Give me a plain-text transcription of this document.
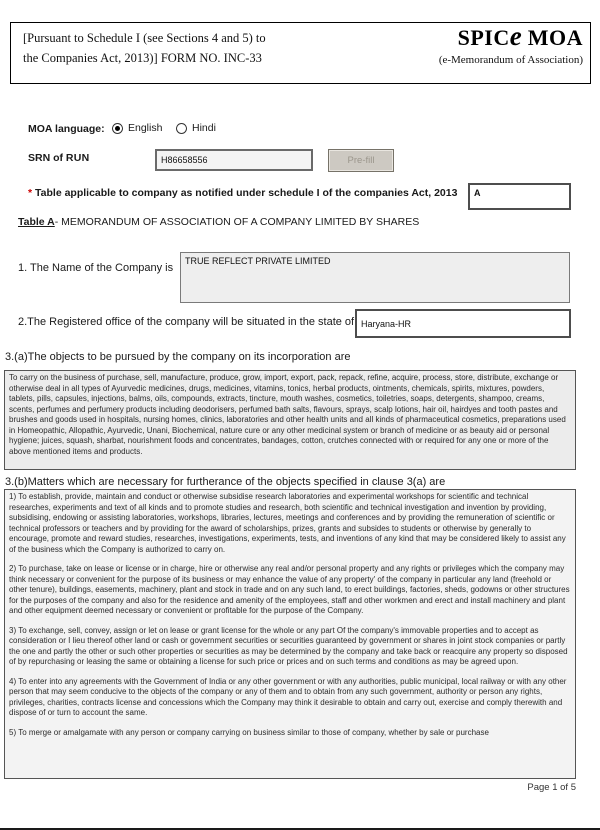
[Pursuant to Schedule I (see Sections 4 and 5) to
the Companies Act, 2013)] FORM NO. INC-33
SPICe MOA
(e-Memorandum of Association)
MOA language: English	Hindi
SRN of RUN	H86658556	Pre-fill
* Table applicable to company as notified under schedule I of the companies Act, 2013	A
Table A- MEMORANDUM OF ASSOCIATION OF A COMPANY LIMITED BY SHARES
1. The Name of the Company is
TRUE REFLECT PRIVATE LIMITED
2.The Registered office of the company will be situated in the state of Haryana-HR
3.(a)The objects to be pursued by the company on its incorporation are

To carry on the business of purchase, sell, manufacture, produce, grow, import, export, pack, repack, refine, acquire, process, store, distribute, exchange or otherwise deal in all types of Ayurvedic medicines, drugs, medicines, vitamins, tonics, herbal products, ointments, chemicals, spirits, mixtures, powders, tablets, pills, capsules, injections, balms, oils, compounds, extracts, tincture, mouth washes, cosmetics, toiletries, soaps, detergents, shampoo, creams, scents, perfumes and perfumery products including deodorisers, perfumed bath salts, flavours, sprays, scalp lotions, hair oil, hairdyes and tooth pastes and brushes and goods used in hospitals, nursing homes, clinics, laboratories and other health units and all kinds of pharmaceutical cosmetics, preparations used in Homeopathic, Allopathic, Ayurvedic, Unani, Biochemical, nature cure or any other medicinal system or branch of medicine or as beauty aid or personal hygiene; juices, squash, sharbat, nourishment foods and concentrates, bandages, cotton, crutches connected with or required for any one or more of the above mentioned items and products.

3.(b)Matters which are necessary for furtherance of the objects specified in clause 3(a) are

1) To establish, provide, maintain and conduct or otherwise subsidise research laboratories and experimental workshops for scientific and technical researches, experiments and text of all kinds and to promote studies and research, both scientific and technical investigation and invention by providing, subsidising, endowing or assisting laboratories, workshops, libraries, lectures, meetings and conferences and by providing the remuneration of scientific or technical professors or teachers and by providing for the award of scholarships, prizes, grants and subsides to students or otherwise by generally to encourage, promote and reward studies, researches, investigations, experiments, tests, and inventions of any kind that may be considered likely to assist any of the business which the Company is authorized to carry on.

2) To purchase, take on lease or license or in charge, hire or otherwise any real and/or personal property and any rights or privileges which the company may think necessary or convenient for the purpose of its business or may enhance the value of any property' of the company in particular any land (freehold or other tenure), buildings, easements, machinery, plant and stock in trade and on any such land, to erect buildings, factories, sheds, godowns or other structures for the purposes of the company and also for the residence and amenity of the employees, staff and other workmen and erect and install machinery and plant and other equipment deemed necessary or convenient or profitable for the purpose of the Company.

3) To exchange, sell, convey, assign or let on lease or grant license for the whole or any part Of the company's immovable properties and to accept as consideration or I lieu thereof other land or cash or government securities or securities guaranteed by government or shares in joint stock companies or partly the one and partly the other or such other properties or securities as may be determined by the company and take back or reacquire any property so disposed of by repurchasing or leasing the same or obtaining a license for such price or prices and on such terms and conditions as may be agreed upon.

4) To enter into any agreements with the Government of India or any other government or with any authorities, public municipal, local railway or with any other person that may seem conducive to the objects of the company or any of them and to obtain from any such government, authority or person any rights, privileges, charities, contracts license and concessions which the Company may think it desirable to obtain and carry out, exercise and comply therewith and dispose of or turn to account the same.

5) To merge or amalgamate with any person or company carrying on business similar to those of company, whether by sale or purchase

Page 1 of 5
